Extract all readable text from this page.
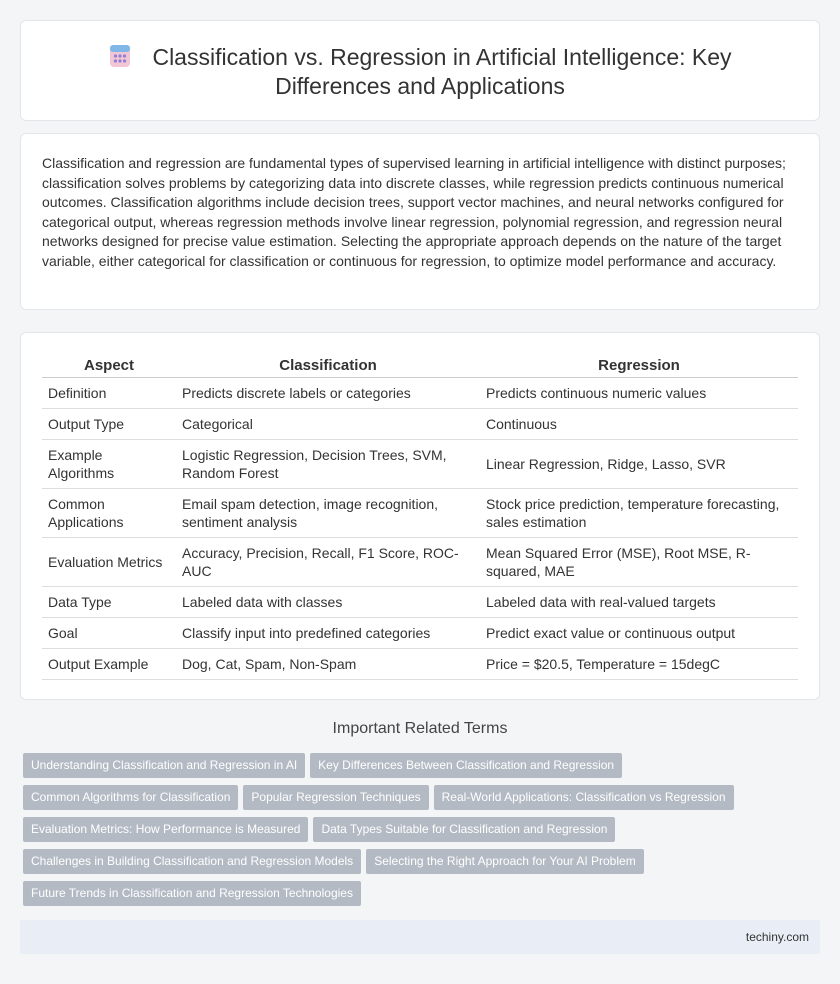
Classification vs. Regression in Artificial Intelligence: Key Differences and Applications

Classification and regression are fundamental types of supervised learning in artificial intelligence with distinct purposes; classification solves problems by categorizing data into discrete classes, while regression predicts continuous numerical outcomes. Classification algorithms include decision trees, support vector machines, and neural networks configured for categorical output, whereas regression methods involve linear regression, polynomial regression, and regression neural networks designed for precise value estimation. Selecting the appropriate approach depends on the nature of the target variable, either categorical for classification or continuous for regression, to optimize model performance and accuracy.

Aspect	Classification	Regression
Definition	Predicts discrete labels or categories	Predicts continuous numeric values
Output Type	Categorical	Continuous
Example Algorithms	Logistic Regression, Decision Trees, SVM, Random Forest	Linear Regression, Ridge, Lasso, SVR
Common Applications	Email spam detection, image recognition, sentiment analysis	Stock price prediction, temperature forecasting, sales estimation
Evaluation Metrics	Accuracy, Precision, Recall, F1 Score, ROC-AUC	Mean Squared Error (MSE), Root MSE, R-squared, MAE
Data Type	Labeled data with classes	Labeled data with real-valued targets
Goal	Classify input into predefined categories	Predict exact value or continuous output
Output Example	Dog, Cat, Spam, Non-Spam	Price = $20.5, Temperature = 15degC
Important Related Terms
Understanding Classification and Regression in AI Key Differences Between Classification and Regression
Common Algorithms for Classification Popular Regression Techniques Real-World Applications: Classification vs Regression
Evaluation Metrics: How Performance is Measured Data Types Suitable for Classification and Regression
Challenges in Building Classification and Regression Models Selecting the Right Approach for Your AI Problem
Future Trends in Classification and Regression Technologies
techiny.com
